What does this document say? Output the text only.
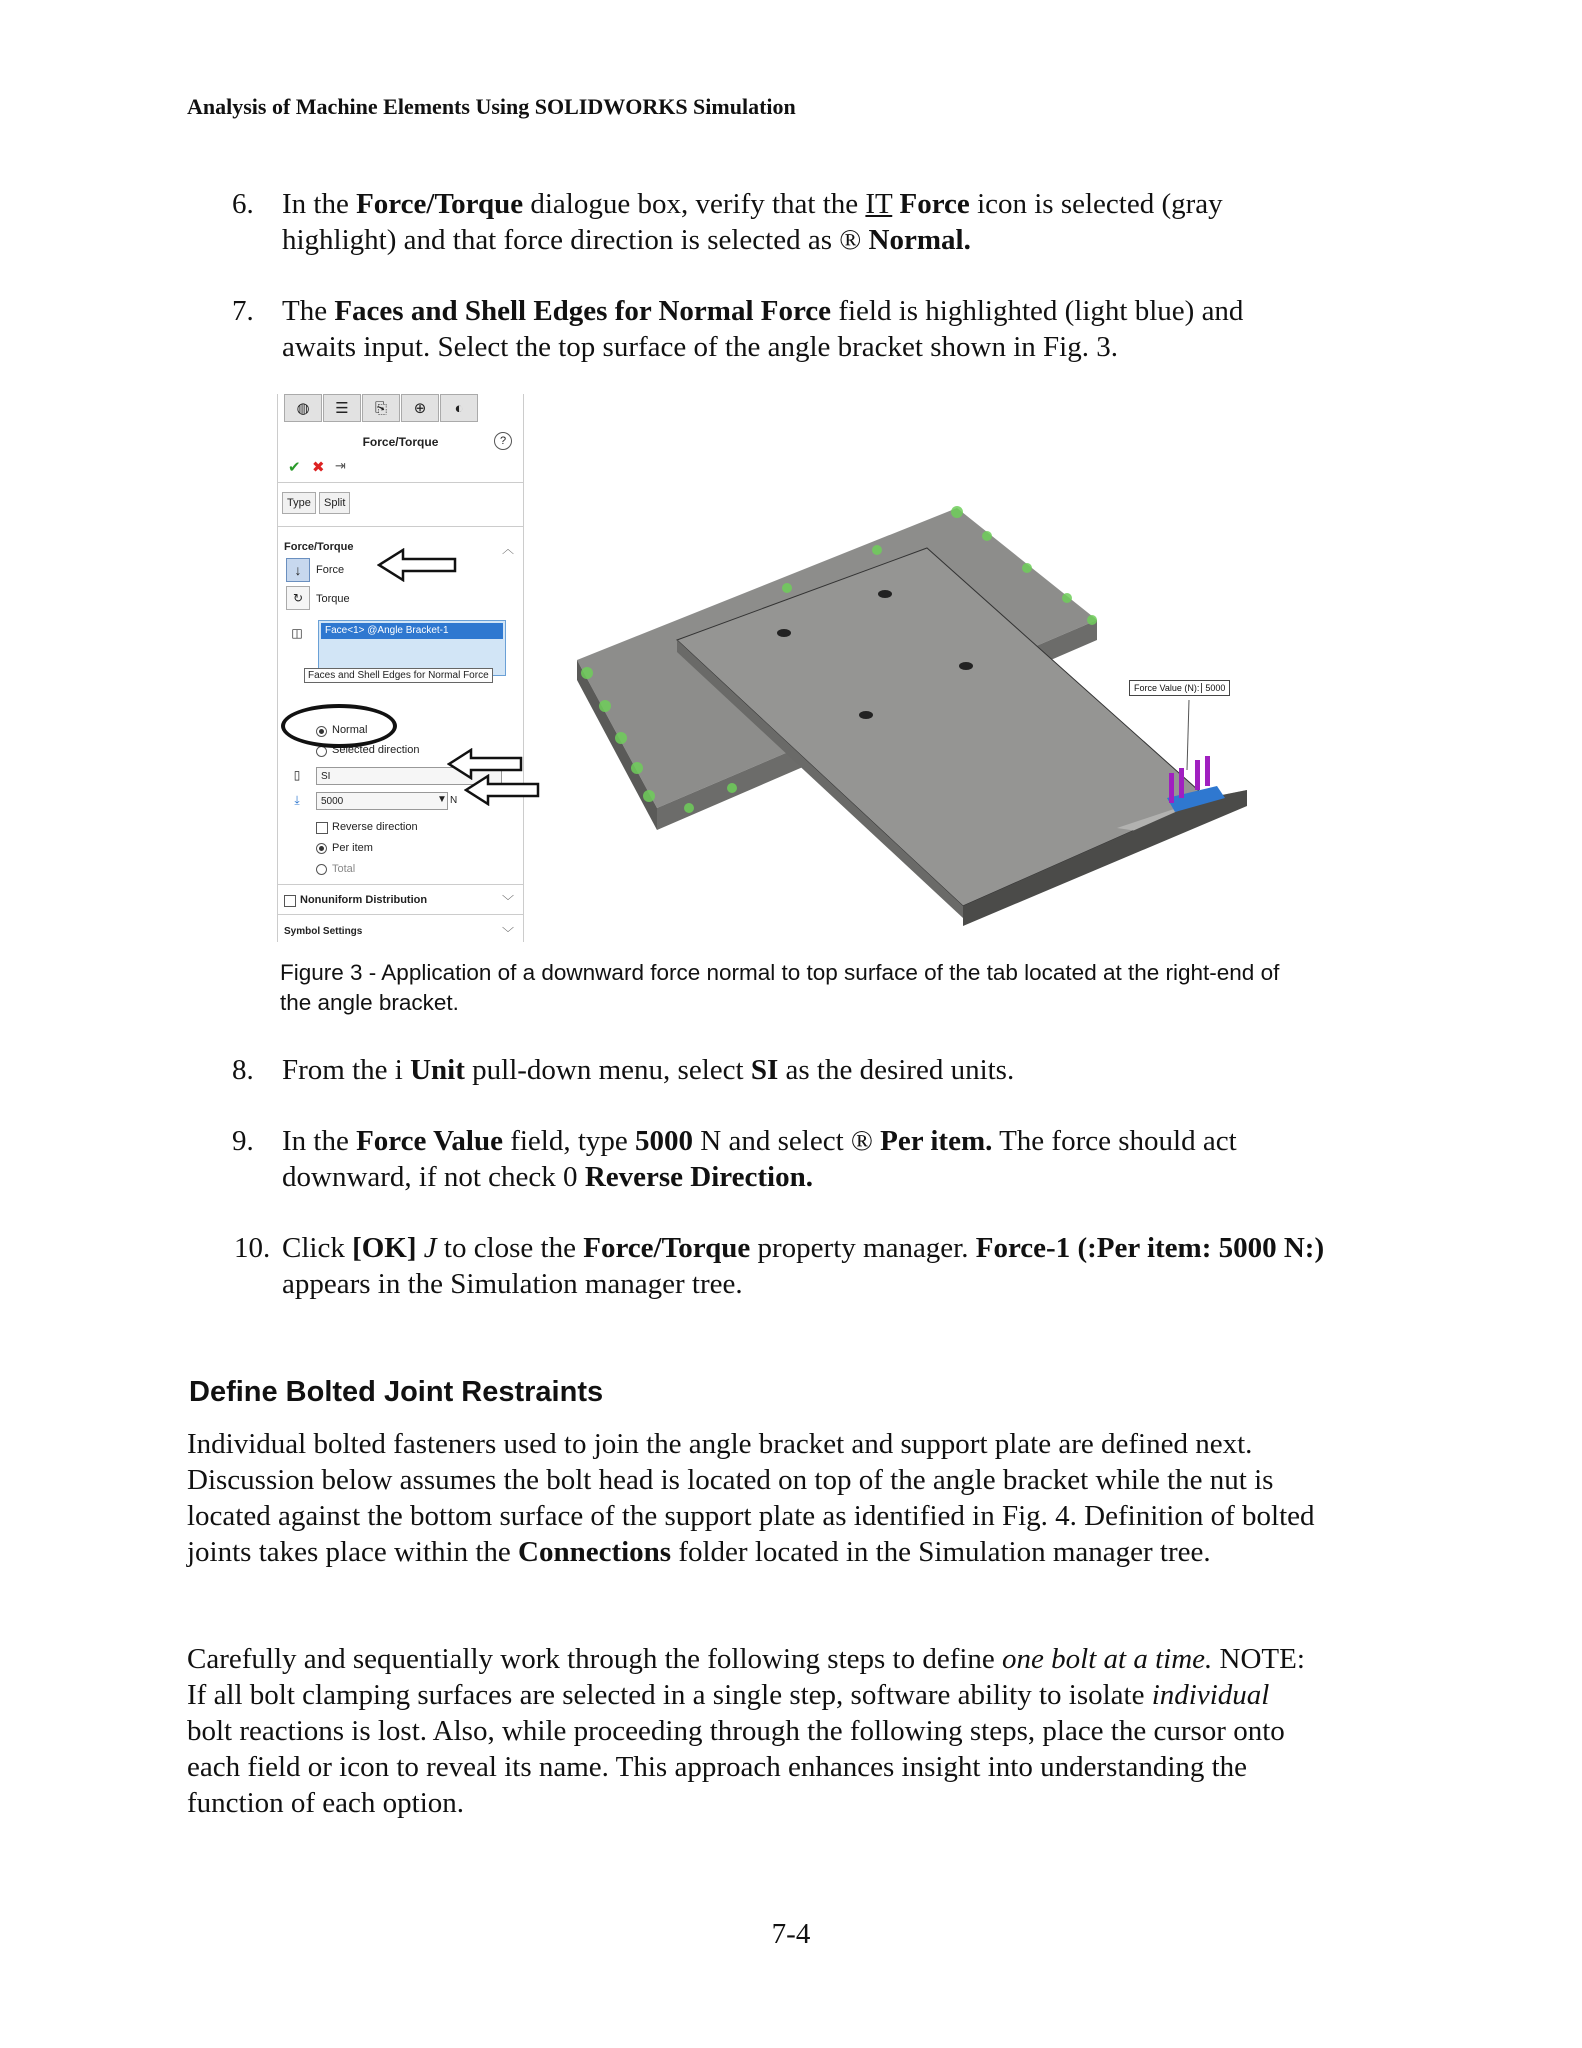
Analysis of Machine Elements Using SOLIDWORKS Simulation
6. In the Force/Torque dialogue box, verify that the IT Force icon is selected (gray highlight) and that force direction is selected as ® Normal.
7. The Faces and Shell Edges for Normal Force field is highlighted (light blue) and awaits input. Select the top surface of the angle bracket shown in Fig. 3.
◍	☰	⎘	⊕	◐
Force/Torque	?
✔ ✖ ⇥
Type	Split
Force/Torque	︿
↓	Force
↻	Torque
◫	Face<1> @Angle Bracket-1
Faces and Shell Edges for Normal Force
Normal
Selected direction
▯	SI
⤓	5000	▼ N
Reverse direction
Per item
Total
Nonuniform Distribution	﹀
Symbol Settings	﹀
Force Value (N): 5000
Figure 3 - Application of a downward force normal to top surface of the tab located at the right-end of the angle bracket.
8. From the i Unit pull-down menu, select SI as the desired units.
9. In the Force Value field, type 5000 N and select ® Per item. The force should act downward, if not check 0 Reverse Direction.
10. Click [OK] J to close the Force/Torque property manager. Force-1 (:Per item: 5000 N:) appears in the Simulation manager tree.
Define Bolted Joint Restraints
Individual bolted fasteners used to join the angle bracket and support plate are defined next. Discussion below assumes the bolt head is located on top of the angle bracket while the nut is located against the bottom surface of the support plate as identified in Fig. 4. Definition of bolted joints takes place within the Connections folder located in the Simulation manager tree.
Carefully and sequentially work through the following steps to define one bolt at a time. NOTE: If all bolt clamping surfaces are selected in a single step, software ability to isolate individual bolt reactions is lost. Also, while proceeding through the following steps, place the cursor onto each field or icon to reveal its name. This approach enhances insight into understanding the function of each option.
7-4
